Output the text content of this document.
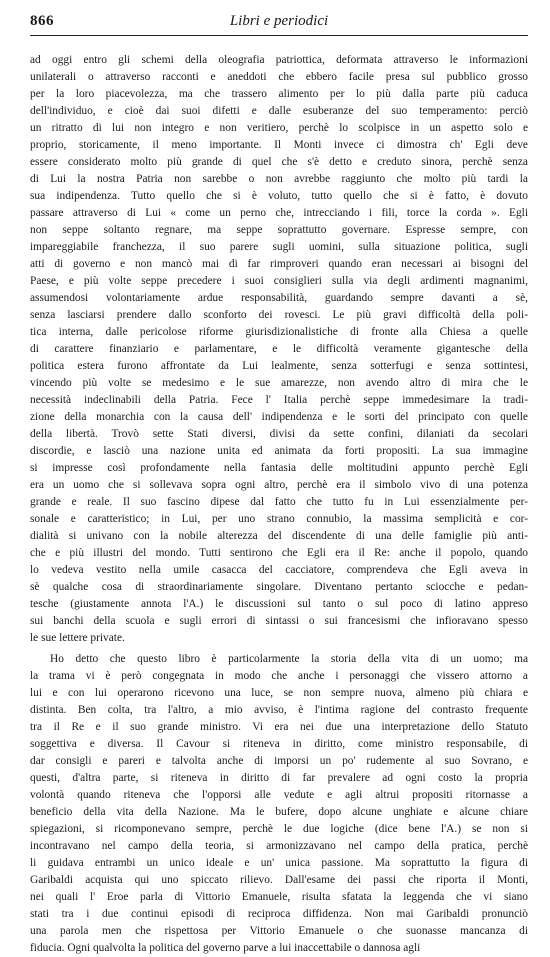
866	Libri e periodici
ad oggi entro gli schemi della oleografia patriottica, deformata attraverso le informazioni
unilaterali o attraverso racconti e aneddoti che ebbero facile presa sul pubblico grosso
per la loro piacevolezza, ma che trassero alimento per lo più dalla parte più caduca
dell'individuo, e cioè dai suoi difetti e dalle esuberanze del suo temperamento: perciò
un ritratto di lui non integro e non veritiero, perchè lo scolpisce in un aspetto solo e
proprio, storicamente, il meno importante. Il Monti invece ci dimostra ch' Egli deve
essere considerato molto più grande di quel che s'è detto e creduto sinora, perchè senza
di Lui la nostra Patria non sarebbe o non avrebbe raggiunto che molto più tardi la
sua indipendenza. Tutto quello che si è voluto, tutto quello che si è fatto, è dovuto
passare attraverso di Lui « come un perno che, intrecciando i fili, torce la corda ». Egli
non seppe soltanto regnare, ma seppe soprattutto governare. Espresse sempre, con
impareggiabile franchezza, il suo parere sugli uomini, sulla situazione politica, sugli
atti di governo e non mancò mai di far rimproveri quando eran necessari ai bisogni del
Paese, e più volte seppe precedere i suoi consiglieri sulla via degli ardimenti magnanimi,
assumendosi volontariamente ardue responsabilità, guardando sempre davanti a sè,
senza lasciarsi prendere dallo sconforto dei rovesci. Le più gravi difficoltà della poli-
tica interna, dalle pericolose riforme giurisdizionalistiche di fronte alla Chiesa a quelle
di carattere finanziario e parlamentare, e le difficoltà veramente gigantesche della
politica estera furono affrontate da Lui lealmente, senza sotterfugi e senza sottintesi,
vincendo più volte se medesimo e le sue amarezze, non avendo altro di mira che le
necessità indeclinabili della Patria. Fece l' Italia perchè seppe immedesimare la tradi-
zione della monarchia con la causa dell' indipendenza e le sorti del principato con quelle
della libertà. Trovò sette Stati diversi, divisi da sette confini, dilaniati da secolari
discordie, e lasciò una nazione unita ed animata da forti propositi. La sua immagine
si impresse così profondamente nella fantasia delle moltitudini appunto perchè Egli
era un uomo che si sollevava sopra ogni altro, perchè era il simbolo vivo di una potenza
grande e reale. Il suo fascino dipese dal fatto che tutto fu in Lui essenzialmente per-
sonale e caratteristico; in Lui, per uno strano connubio, la massima semplicità e cor-
dialità si univano con la nobile alterezza del discendente di una delle famiglie più anti-
che e più illustri del mondo. Tutti sentirono che Egli era il Re: anche il popolo, quando
lo vedeva vestito nella umile casacca del cacciatore, comprendeva che Egli aveva in
sè qualche cosa di straordinariamente singolare. Diventano pertanto sciocche e pedan-
tesche (giustamente annota l'A.) le discussioni sul tanto o sul poco di latino appreso
sui banchi della scuola e sugli errori di sintassi o sui francesismi che infioravano spesso
le sue lettere private.
Ho detto che questo libro è particolarmente la storia della vita di un uomo; ma
la trama vi è però congegnata in modo che anche i personaggi che vissero attorno a
lui e con lui operarono ricevono una luce, se non sempre nuova, almeno più chiara e
distinta. Ben colta, tra l'altro, a mio avviso, è l'intima ragione del contrasto frequente
tra il Re e il suo grande ministro. Vi era nei due una interpretazione dello Statuto
soggettiva e diversa. Il Cavour si riteneva in diritto, come ministro responsabile, di
dar consigli e pareri e talvolta anche di imporsi un po' rudemente al suo Sovrano, e
questi, d'altra parte, si riteneva in diritto di far prevalere ad ogni costo la propria
volontà quando riteneva che l'opporsi alle vedute e agli altrui propositi ritornasse a
beneficio della vita della Nazione. Ma le bufere, dopo alcune unghiate e alcune chiare
spiegazioni, si ricomponevano sempre, perchè le due logiche (dice bene l'A.) se non si
incontravano nel campo della teoria, si armonizzavano nel campo della pratica, perchè
li guidava entrambi un unico ideale e un' unica passione. Ma soprattutto la figura di
Garibaldi acquista qui uno spiccato rilievo. Dall'esame dei passi che riporta il Monti,
nei quali l' Eroe parla di Vittorio Emanuele, risulta sfatata la leggenda che vi siano
stati tra i due continui episodi di reciproca diffidenza. Non mai Garibaldi pronunciò
una parola men che rispettosa per Vittorio Emanuele o che suonasse mancanza di
fiducia. Ogni qualvolta la politica del governo parve a lui inaccettabile o dannosa agli
